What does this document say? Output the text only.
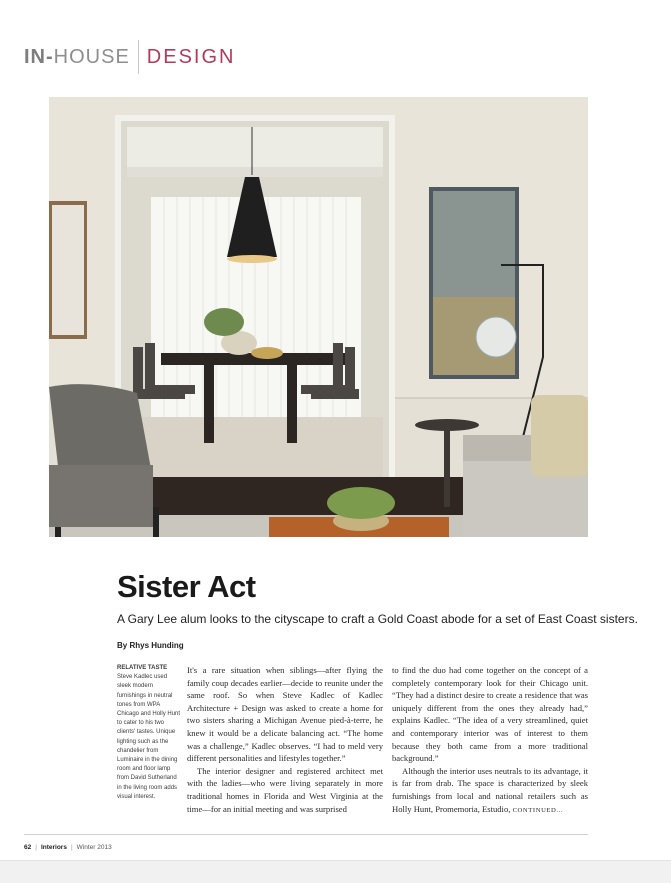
IN- HOUSE DESIGN
Sister Act

A Gary Lee alum looks to the cityscape to craft a Gold Coast abode for a set of East Coast sisters.

By Rhys Hunding
RELATIVE TASTE
Steve Kadlec used sleek modern furnishings in neutral tones from WPA Chicago and Holly Hunt to cater to his two clients' tastes. Unique lighting such as the chandelier from Luminaire in the dining room and floor lamp from David Sutherland in the living room adds visual interest.

It's a rare situation when siblings—after flying the family coup decades earlier—decide to reunite under the same roof. So when Steve Kadlec of Kadlec Architecture + Design was asked to create a home for two sisters sharing a Michigan Avenue pied-à-terre, he knew it would be a delicate balancing act. “The home was a challenge,” Kadlec observes. “I had to meld very different personalities and lifestyles together.”

The interior designer and registered architect met with the ladies—who were living separately in more traditional homes in Florida and West Virginia at the time—for an initial meeting and was surprised

to find the duo had come together on the concept of a completely contemporary look for their Chicago unit. “They had a distinct desire to create a residence that was uniquely different from the ones they already had,” explains Kadlec. “The idea of a very streamlined, quiet and contemporary interior was of interest to them because they both came from a more traditional background.”

Although the interior uses neutrals to its advantage, it is far from drab. The space is characterized by sleek furnishings from local and national retailers such as Holly Hunt, Promemoria, Estudio, CONTINUED...

62 | Interiors | Winter 2013
